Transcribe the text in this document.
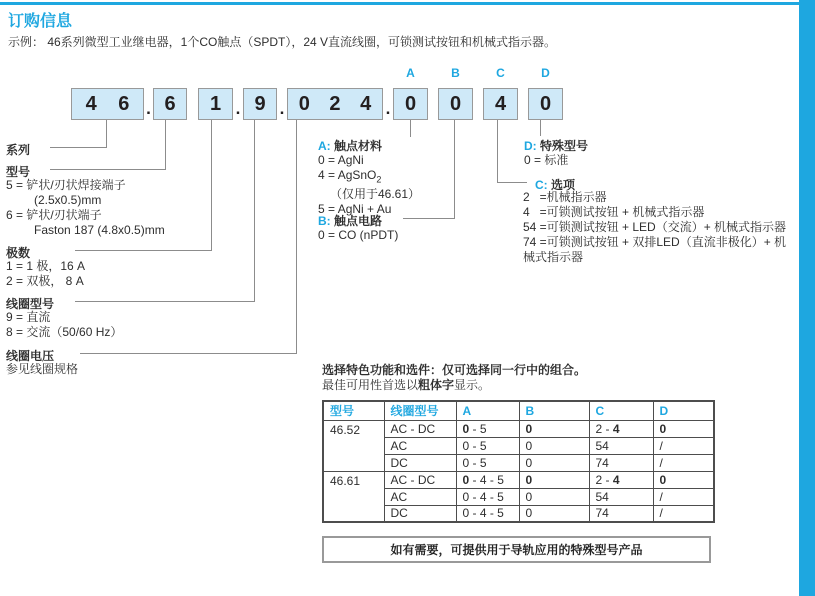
订购信息
示例： 46系列微型工业继电器，1个CO触点（SPDT），24 V直流线圈，可锁测试按钮和机械式指示器。
A	B	C	D
4 6 . 6	1 . 9 . 0 2 4 . 0	0	4	0
系列
型号
5 = 铲状/刃状焊接端子
(2.5x0.5)mm
6 = 铲状/刃状端子
Faston 187 (4.8x0.5)mm
极数
1 = 1 极，16 A
2 = 双极， 8 A
线圈型号
9 = 直流
8 = 交流（50/60 Hz）
线圈电压
参见线圈规格
A: 触点材料
0 = AgNi
4 = AgSnO$_2$
（仅用于46.61）
5 = AgNi + Au
B: 触点电路
0 = CO (nPDT)
D: 特殊型号
0 = 标准
C: 选项
2   =机械指示器
4   =可锁测试按钮 + 机械式指示器
54 =可锁测试按钮 + LED（交流）+ 机械式指示器
74 =可锁测试按钮 + 双排LED（直流非极化）+ 机械式指示器
选择特色功能和选件：仅可选择同一行中的组合。
最佳可用性首选以粗体字显示。
型号	线圈型号	A	B	C	D
46.52	AC - DC	0 - 5	0	2 - 4	0
	AC	0 - 5	0	54	/
	DC	0 - 5	0	74	/
46.61	AC - DC	0 - 4 - 5	0	2 - 4	0
	AC	0 - 4 - 5	0	54	/
	DC	0 - 4 - 5	0	74	/
如有需要，可提供用于导轨应用的特殊型号产品
